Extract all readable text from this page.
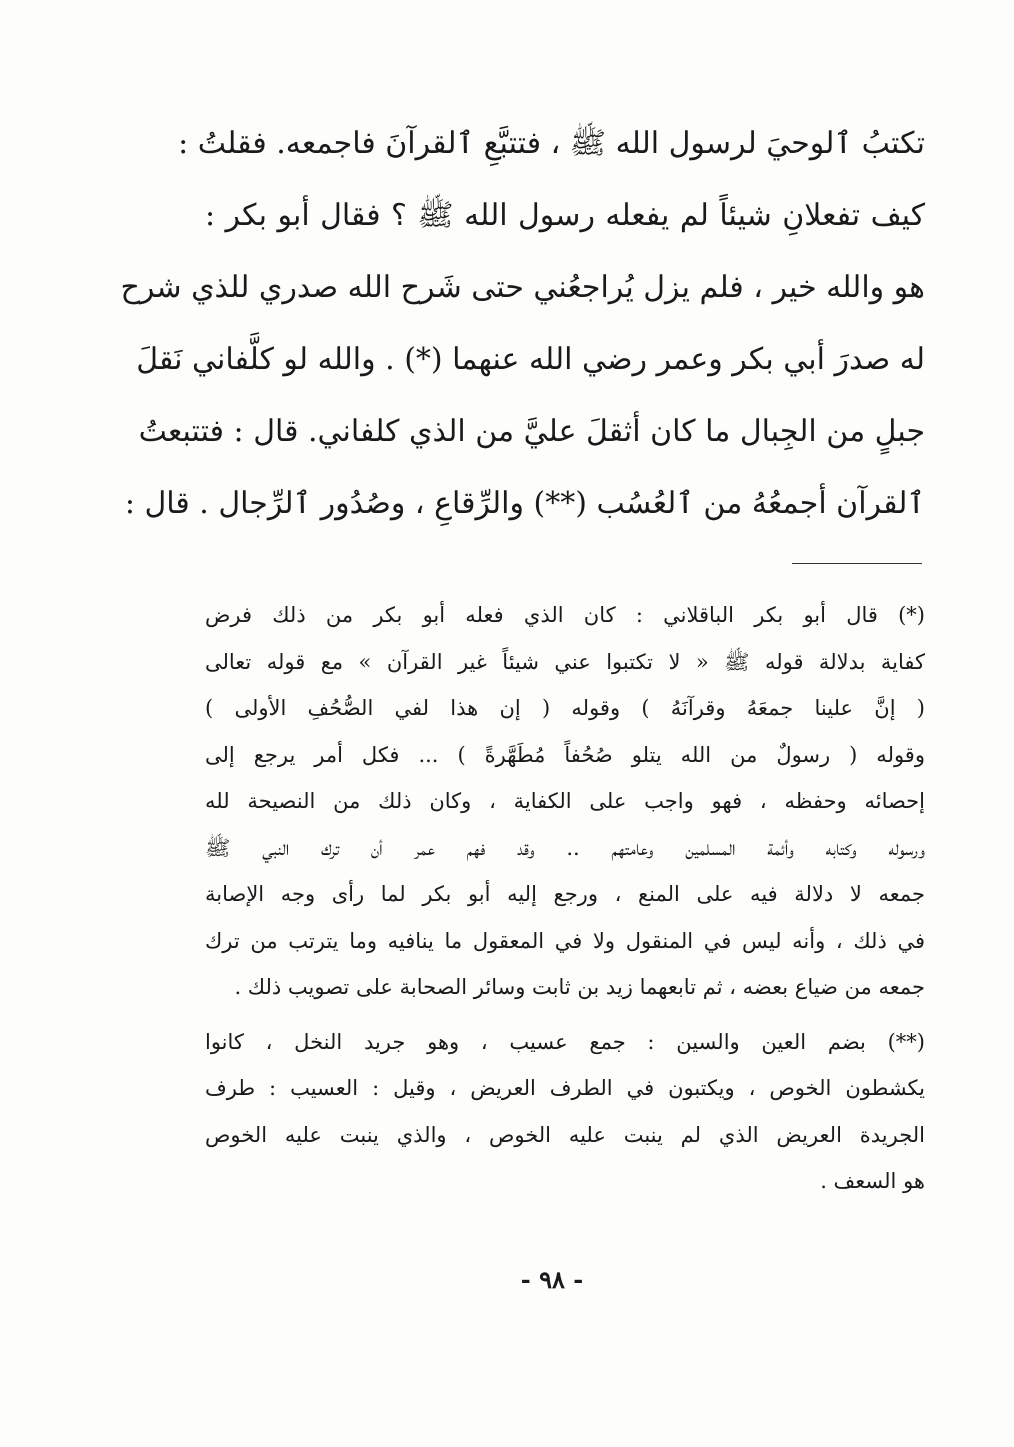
تكتبُ ٱلوحيَ لرسول الله ﷺ ، فتتبَّعِ ٱلقرآنَ فاجمعه. فقلتُ :
كيف تفعلانِ شيئاً لم يفعله رسول الله ﷺ ؟ فقال أبو بكر :
هو والله خير ، فلم يزل يُراجعُني حتى شَرح الله صدري للذي شرح
له صدرَ أبي بكر وعمر رضي الله عنهما (*) . والله لو كلَّفاني نَقلَ
جبلٍ من الجِبال ما كان أثقلَ عليَّ من الذي كلفاني. قال : فتتبعتُ
ٱلقرآن أجمعُهُ من ٱلعُسُب (**) والرِّقاعِ ، وصُدُور ٱلرِّجال . قال :
(*) قال أبو بكر الباقلاني : كان الذي فعله أبو بكر من ذلك فرض
كفاية بدلالة قوله ﷺ « لا تكتبوا عني شيئاً غير القرآن » مع قوله تعالى
( إنَّ علينا جمعَهُ وقرآنَهُ ) وقوله ( إن هذا لفي الصُّحُفِ الأولى )
وقوله ( رسولٌ من الله يتلو صُحُفاً مُطَهَّرةً ) ... فكل أمر يرجع إلى
إحصائه وحفظه ، فهو واجب على الكفاية ، وكان ذلك من النصيحة لله
ورسوله وكتابه وأئمة المسلمين وعامتهم .. وقد فهم عمر أن ترك النبي ﷺ
جمعه لا دلالة فيه على المنع ، ورجع إليه أبو بكر لما رأى وجه الإصابة
في ذلك ، وأنه ليس في المنقول ولا في المعقول ما ينافيه وما يترتب من ترك
جمعه من ضياع بعضه ، ثم تابعهما زيد بن ثابت وسائر الصحابة على تصويب ذلك .
(**) بضم العين والسين : جمع عسيب ، وهو جريد النخل ، كانوا
يكشطون الخوص ، ويكتبون في الطرف العريض ، وقيل : العسيب : طرف
الجريدة العريض الذي لم ينبت عليه الخوص ، والذي ينبت عليه الخوص
هو السعف .
- ٩٨ -
